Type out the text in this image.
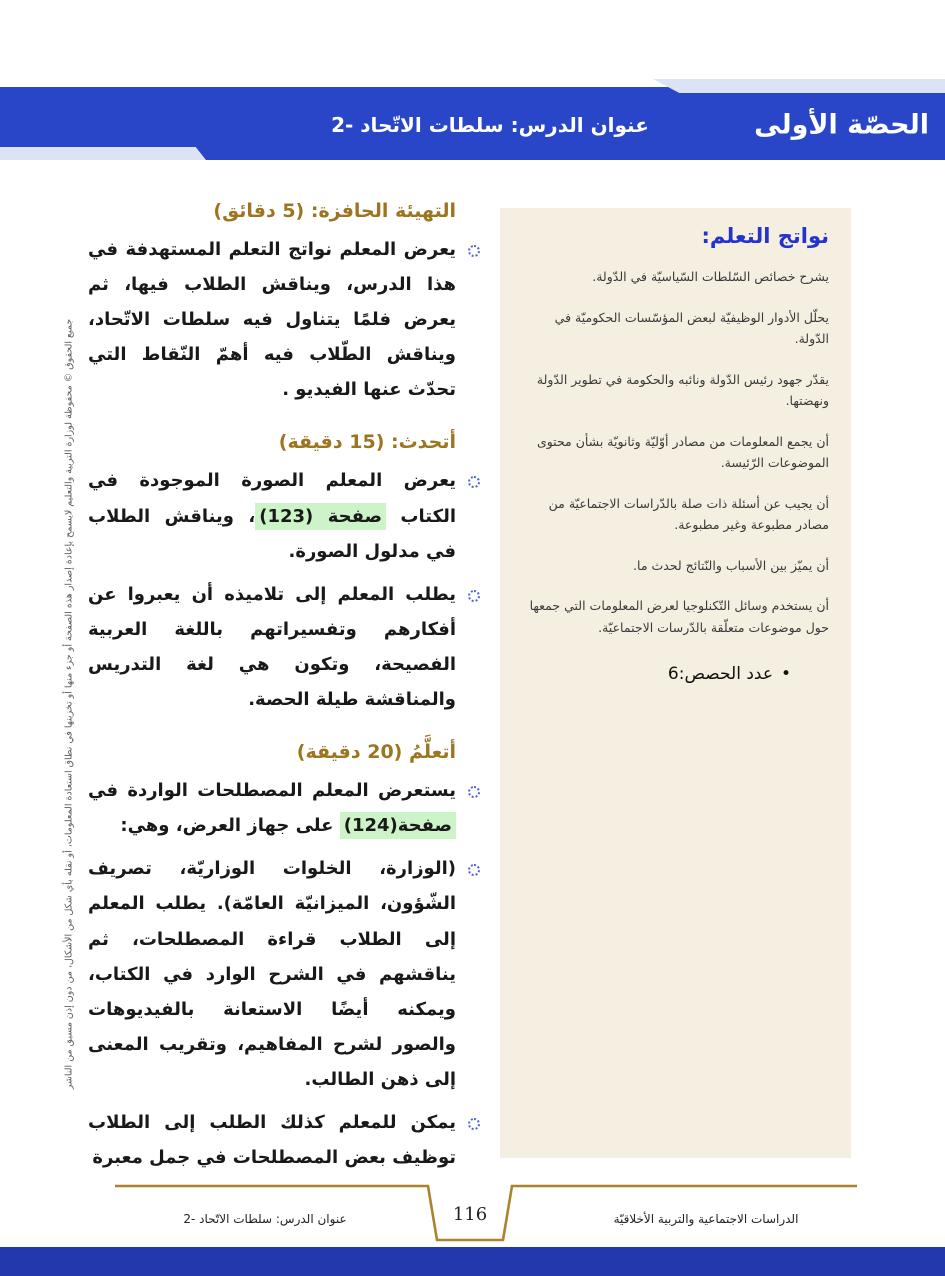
جميع الحقوق © محفوظة لوزارة التربية والتعليم لايسمح بإعادة إصدار هذه الصفحة أو جزء منها أو تخزينها في نطاق استعادة المعلومات، أو نقله بأي شكل من الأشكال، من دون إذن مسبق من الناشر
عنوان الدرس: سلطات الاتّحاد -2	الحصّة الأولى
نواتج التعلم:

يشرح خصائص السّلطات السّياسيّة في الدّولة.

يحلّل الأدوار الوظيفيّة لبعض المؤسّسات الحكوميّة في الدّولة.

يقدّر جهود رئيس الدّولة ونائبه والحكومة في تطوير الدّولة ونهضتها.

أن يجمع المعلومات من مصادر أوّليّة وثانويّة بشأن محتوى الموضوعات الرّئيسة.

أن يجيب عن أسئلة ذات صلة بالدّراسات الاجتماعيّة من مصادر مطبوعة وغير مطبوعة.

أن يميّز بين الأسباب والنّتائج لحدث ما.

أن يستخدم وسائل التّكنلوجيا لعرض المعلومات التي جمعها حول موضوعات متعلّقة بالدّرسات الاجتماعيّة.

•عدد الحصص:6
التهيئة الحافزة: (5 دقائق)

يعرض المعلم نواتج التعلم المستهدفة في هذا الدرس، ويناقش الطلاب فيها، ثم يعرض فلمًا يتناول فيه سلطات الاتّحاد، ويناقش الطّلاب فيه أهمّ النّقاط التي تحدّث عنها الفيديو .

أتحدث: (15 دقيقة)

يعرض المعلم الصورة الموجودة في الكتاب صفحة (123)، ويناقش الطلاب في مدلول الصورة.

يطلب المعلم إلى تلاميذه أن يعبروا عن أفكارهم وتفسيراتهم باللغة العربية الفصيحة، وتكون هي لغة التدريس والمناقشة طيلة الحصة.

أتعلَّمُ (20 دقيقة)

يستعرض المعلم المصطلحات الواردة في صفحة(124) على جهاز العرض، وهي:

(الوزارة، الخلوات الوزاريّة، تصريف الشّؤون، الميزانيّة العامّة). يطلب المعلم إلى الطلاب قراءة المصطلحات، ثم يناقشهم في الشرح الوارد في الكتاب، ويمكنه أيضًا الاستعانة بالفيديوهات والصور لشرح المفاهيم، وتقريب المعنى إلى ذهن الطالب.

يمكن للمعلم كذلك الطلب إلى الطلاب توظيف بعض المصطلحات في جمل معبرة

116
عنوان الدرس: سلطات الاتّحاد -2	الدراسات الاجتماعية والتربية الأخلاقيّة
